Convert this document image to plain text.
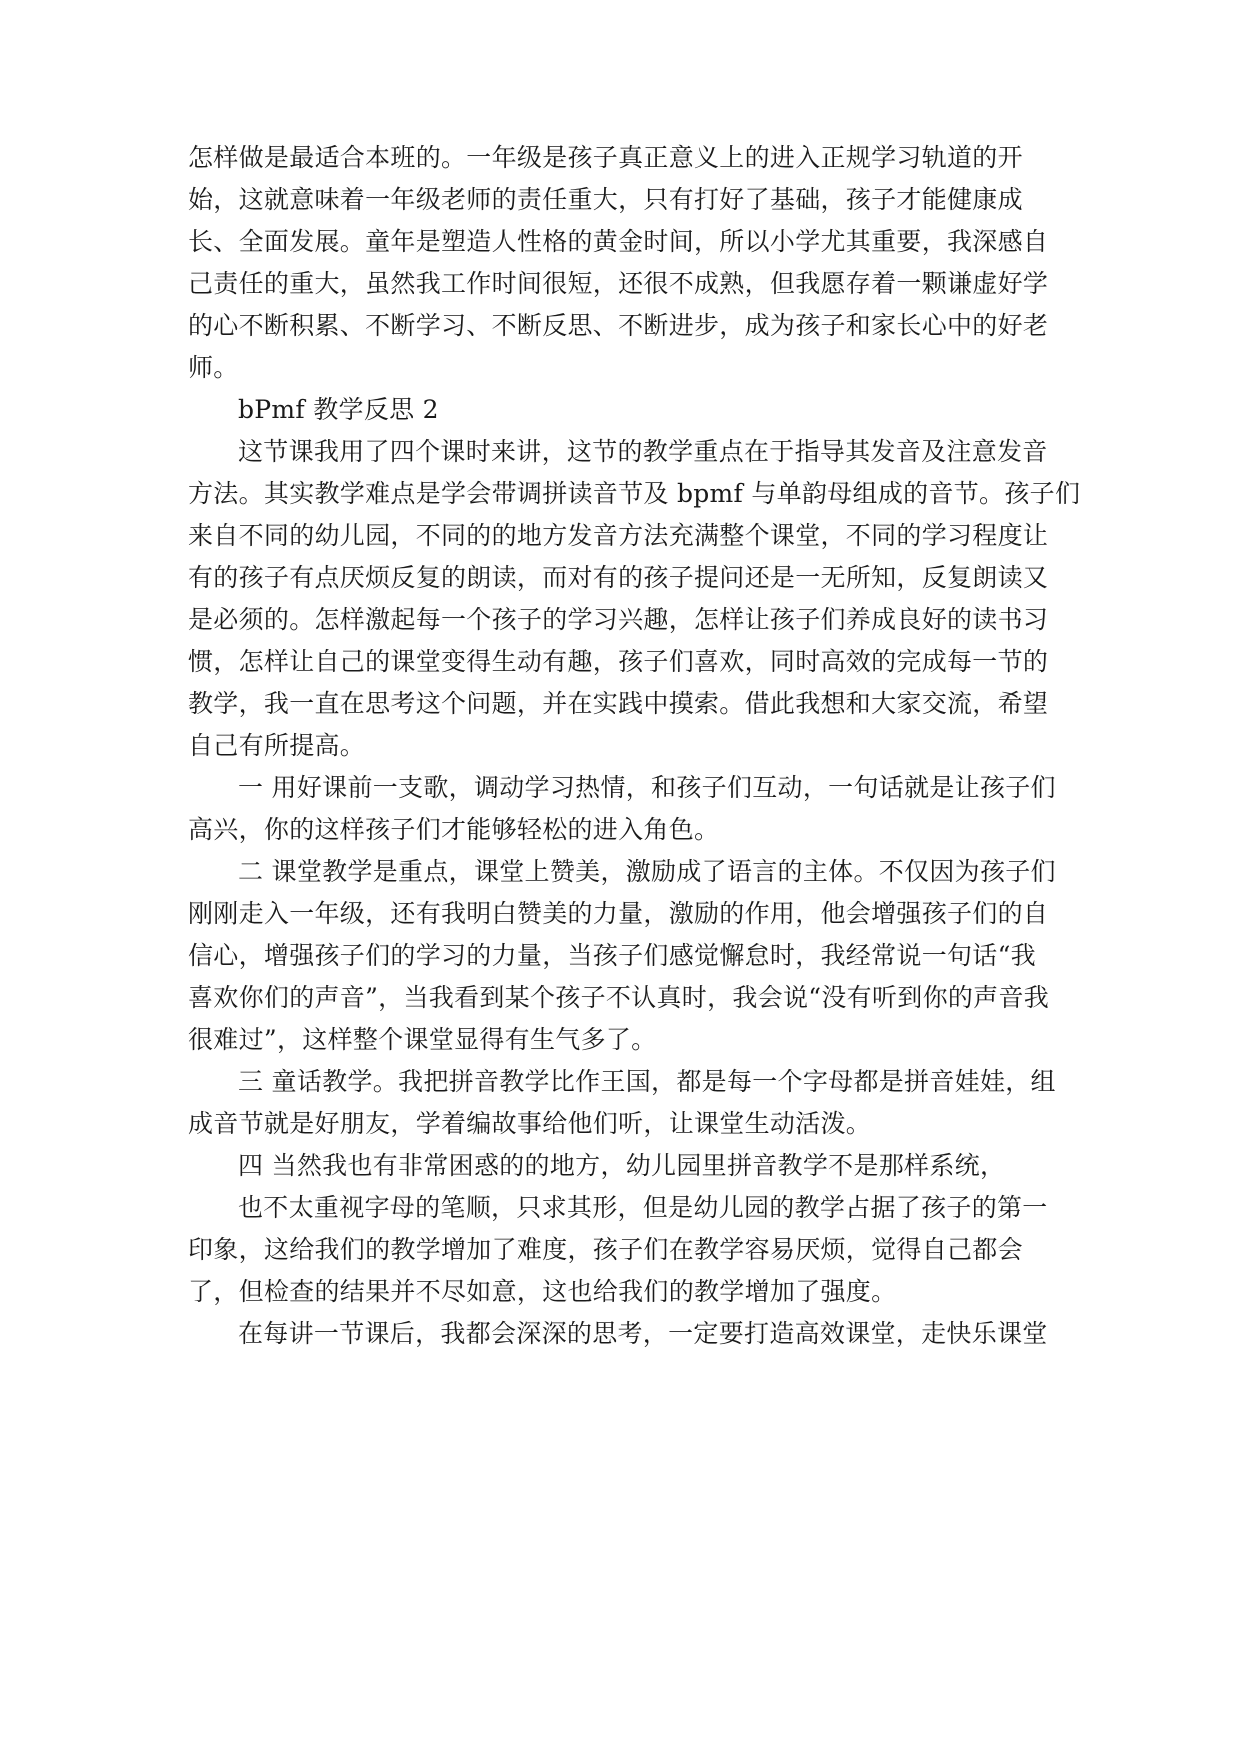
怎样做是最适合本班的。一年级是孩子真正意义上的进入正规学习轨道的开
始，这就意味着一年级老师的责任重大，只有打好了基础，孩子才能健康成
长、全面发展。童年是塑造人性格的黄金时间，所以小学尤其重要，我深感自
己责任的重大，虽然我工作时间很短，还很不成熟，但我愿存着一颗谦虚好学
的心不断积累、不断学习、不断反思、不断进步，成为孩子和家长心中的好老
师。
bPmf 教学反思 2
这节课我用了四个课时来讲，这节的教学重点在于指导其发音及注意发音
方法。其实教学难点是学会带调拼读音节及 bpmf 与单韵母组成的音节。孩子们
来自不同的幼儿园，不同的的地方发音方法充满整个课堂，不同的学习程度让
有的孩子有点厌烦反复的朗读，而对有的孩子提问还是一无所知，反复朗读又
是必须的。怎样激起每一个孩子的学习兴趣，怎样让孩子们养成良好的读书习
惯，怎样让自己的课堂变得生动有趣，孩子们喜欢，同时高效的完成每一节的
教学，我一直在思考这个问题，并在实践中摸索。借此我想和大家交流，希望
自己有所提高。
一 用好课前一支歌，调动学习热情，和孩子们互动，一句话就是让孩子们
高兴，你的这样孩子们才能够轻松的进入角色。
二 课堂教学是重点，课堂上赞美，激励成了语言的主体。不仅因为孩子们
刚刚走入一年级，还有我明白赞美的力量，激励的作用，他会增强孩子们的自
信心，增强孩子们的学习的力量，当孩子们感觉懈怠时，我经常说一句话“我
喜欢你们的声音”，当我看到某个孩子不认真时，我会说“没有听到你的声音我
很难过”，这样整个课堂显得有生气多了。
三 童话教学。我把拼音教学比作王国，都是每一个字母都是拼音娃娃，组
成音节就是好朋友，学着编故事给他们听，让课堂生动活泼。
四 当然我也有非常困惑的的地方，幼儿园里拼音教学不是那样系统，
也不太重视字母的笔顺，只求其形，但是幼儿园的教学占据了孩子的第一
印象，这给我们的教学增加了难度，孩子们在教学容易厌烦，觉得自己都会
了，但检查的结果并不尽如意，这也给我们的教学增加了强度。
在每讲一节课后，我都会深深的思考，一定要打造高效课堂，走快乐课堂
